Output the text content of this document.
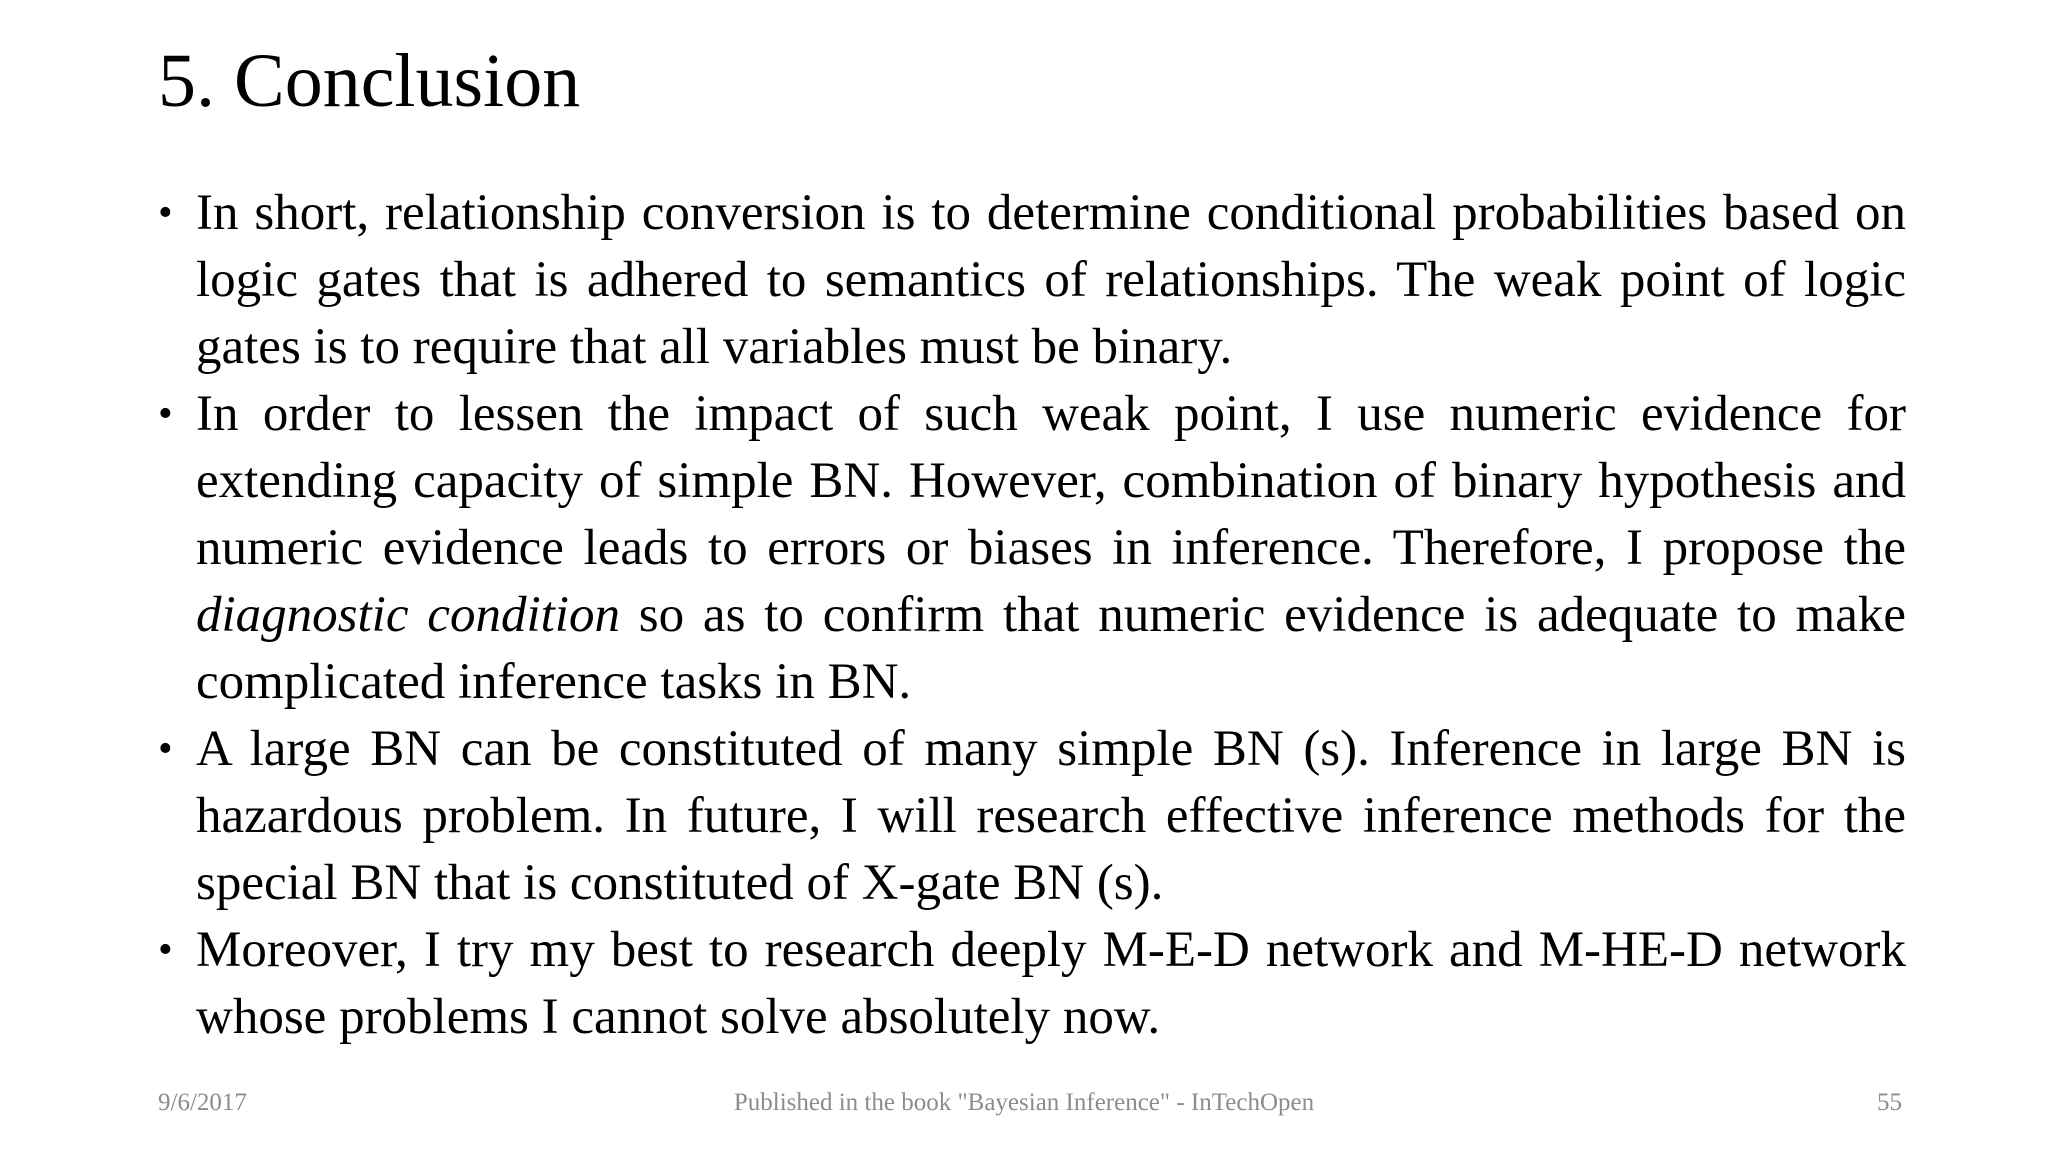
5. Conclusion
• In short, relationship conversion is to determine conditional probabilities based on logic gates that is adhered to semantics of relationships. The weak point of logic gates is to require that all variables must be binary.
• In order to lessen the impact of such weak point, I use numeric evidence for extending capacity of simple BN. However, combination of binary hypothesis and numeric evidence leads to errors or biases in inference. Therefore, I propose the diagnostic condition so as to confirm that numeric evidence is adequate to make complicated inference tasks in BN.
• A large BN can be constituted of many simple BN (s). Inference in large BN is hazardous problem. In future, I will research effective inference methods for the special BN that is constituted of X-gate BN (s).
• Moreover, I try my best to research deeply M-E-D network and M-HE-D network whose problems I cannot solve absolutely now.
9/6/2017	Published in the book "Bayesian Inference" - InTechOpen	55
